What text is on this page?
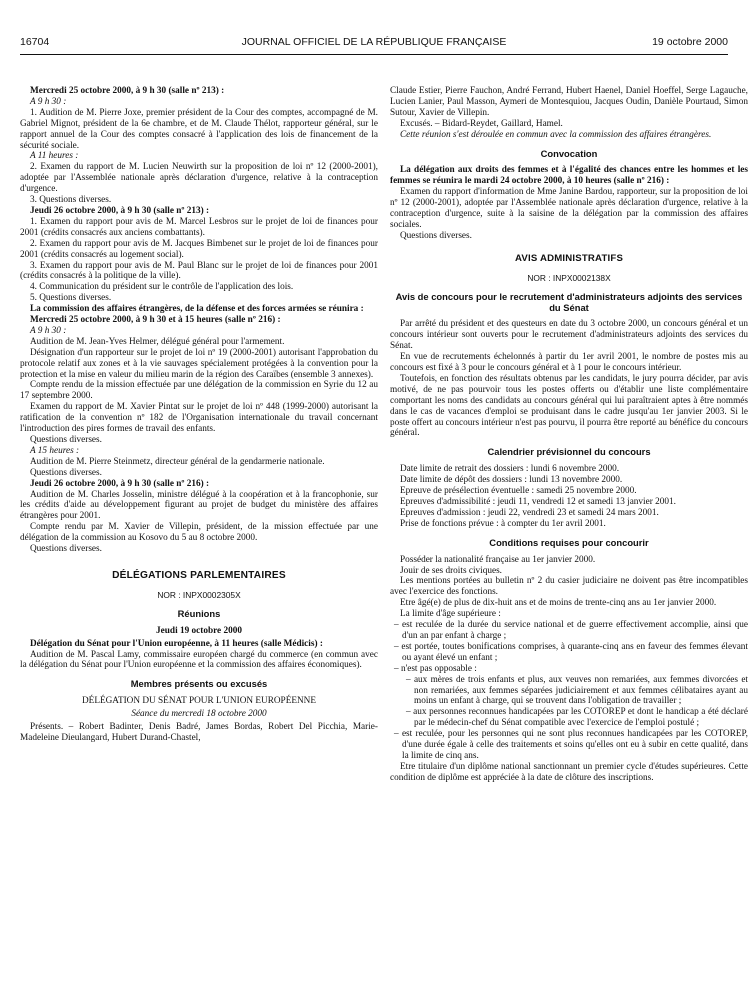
16704	JOURNAL OFFICIEL DE LA RÉPUBLIQUE FRANÇAISE	19 octobre 2000

Mercredi 25 octobre 2000, à 9 h 30 (salle nº 213) :

A 9 h 30 :

1. Audition de M. Pierre Joxe, premier président de la Cour des comptes, accompagné de M. Gabriel Mignot, président de la 6e chambre, et de M. Claude Thélot, rapporteur général, sur le rapport annuel de la Cour des comptes consacré à l'application des lois de financement de la sécurité sociale.

A 11 heures :

2. Examen du rapport de M. Lucien Neuwirth sur la proposition de loi nº 12 (2000-2001), adoptée par l'Assemblée nationale après déclaration d'urgence, relative à la contraception d'urgence.

3. Questions diverses.

Jeudi 26 octobre 2000, à 9 h 30 (salle nº 213) :

1. Examen du rapport pour avis de M. Marcel Lesbros sur le projet de loi de finances pour 2001 (crédits consacrés aux anciens combattants).

2. Examen du rapport pour avis de M. Jacques Bimbenet sur le projet de loi de finances pour 2001 (crédits consacrés au logement social).

3. Examen du rapport pour avis de M. Paul Blanc sur le projet de loi de finances pour 2001 (crédits consacrés à la politique de la ville).

4. Communication du président sur le contrôle de l'application des lois.

5. Questions diverses.

La commission des affaires étrangères, de la défense et des forces armées se réunira :

Mercredi 25 octobre 2000, à 9 h 30 et à 15 heures (salle nº 216) :

A 9 h 30 :

Audition de M. Jean-Yves Helmer, délégué général pour l'armement.

Désignation d'un rapporteur sur le projet de loi nº 19 (2000-2001) autorisant l'approbation du protocole relatif aux zones et à la vie sauvages spécialement protégées à la convention pour la protection et la mise en valeur du milieu marin de la région des Caraïbes (ensemble 3 annexes).

Compte rendu de la mission effectuée par une délégation de la commission en Syrie du 12 au 17 septembre 2000.

Examen du rapport de M. Xavier Pintat sur le projet de loi nº 448 (1999-2000) autorisant la ratification de la convention nº 182 de l'Organisation internationale du travail concernant l'introduction des pires formes de travail des enfants.

Questions diverses.

A 15 heures :

Audition de M. Pierre Steinmetz, directeur général de la gendarmerie nationale.

Questions diverses.

Jeudi 26 octobre 2000, à 9 h 30 (salle nº 216) :

Audition de M. Charles Josselin, ministre délégué à la coopération et à la francophonie, sur les crédits d'aide au développement figurant au projet de budget du ministère des affaires étrangères pour 2001.

Compte rendu par M. Xavier de Villepin, président, de la mission effectuée par une délégation de la commission au Kosovo du 5 au 8 octobre 2000.

Questions diverses.

DÉLÉGATIONS PARLEMENTAIRES
NOR : INPX0002305X
Réunions

Jeudi 19 octobre 2000

Délégation du Sénat pour l'Union européenne, à 11 heures (salle Médicis) :

Audition de M. Pascal Lamy, commissaire européen chargé du commerce (en commun avec la délégation du Sénat pour l'Union européenne et la commission des affaires économiques).

Membres présents ou excusés

DÉLÉGATION DU SÉNAT POUR L'UNION EUROPÉENNE

Séance du mercredi 18 octobre 2000

Présents. – Robert Badinter, Denis Badré, James Bordas, Robert Del Picchia, Marie-Madeleine Dieulangard, Hubert Durand-Chastel,

Claude Estier, Pierre Fauchon, André Ferrand, Hubert Haenel, Daniel Hoeffel, Serge Lagauche, Lucien Lanier, Paul Masson, Aymeri de Montesquiou, Jacques Oudin, Danièle Pourtaud, Simon Sutour, Xavier de Villepin.

Excusés. – Bidard-Reydet, Gaillard, Hamel.

Cette réunion s'est déroulée en commun avec la commission des affaires étrangères.

Convocation

La délégation aux droits des femmes et à l'égalité des chances entre les hommes et les femmes se réunira le mardi 24 octobre 2000, à 10 heures (salle nº 216) :

Examen du rapport d'information de Mme Janine Bardou, rapporteur, sur la proposition de loi nº 12 (2000-2001), adoptée par l'Assemblée nationale après déclaration d'urgence, relative à la contraception d'urgence, suite à la saisine de la délégation par la commission des affaires sociales.

Questions diverses.

AVIS ADMINISTRATIFS
NOR : INPX0002138X
Avis de concours pour le recrutement d'administrateurs adjoints des services du Sénat

Par arrêté du président et des questeurs en date du 3 octobre 2000, un concours général et un concours intérieur sont ouverts pour le recrutement d'administrateurs adjoints des services du Sénat.

En vue de recrutements échelonnés à partir du 1er avril 2001, le nombre de postes mis au concours est fixé à 3 pour le concours général et à 1 pour le concours intérieur.

Toutefois, en fonction des résultats obtenus par les candidats, le jury pourra décider, par avis motivé, de ne pas pourvoir tous les postes offerts ou d'établir une liste complémentaire comportant les noms des candidats au concours général qui lui paraîtraient aptes à être nommés dans le cas de vacances d'emploi se produisant dans le cadre jusqu'au 1er janvier 2003. Si le poste offert au concours intérieur n'est pas pourvu, il pourra être reporté au bénéfice du concours général.

Calendrier prévisionnel du concours

Date limite de retrait des dossiers : lundi 6 novembre 2000.

Date limite de dépôt des dossiers : lundi 13 novembre 2000.

Epreuve de présélection éventuelle : samedi 25 novembre 2000.

Epreuves d'admissibilité : jeudi 11, vendredi 12 et samedi 13 janvier 2001.

Epreuves d'admission : jeudi 22, vendredi 23 et samedi 24 mars 2001.

Prise de fonctions prévue : à compter du 1er avril 2001.

Conditions requises pour concourir

Posséder la nationalité française au 1er janvier 2000.

Jouir de ses droits civiques.

Les mentions portées au bulletin nº 2 du casier judiciaire ne doivent pas être incompatibles avec l'exercice des fonctions.

Etre âgé(e) de plus de dix-huit ans et de moins de trente-cinq ans au 1er janvier 2000.

La limite d'âge supérieure :

– est reculée de la durée du service national et de guerre effectivement accomplie, ainsi que d'un an par enfant à charge ;
– est portée, toutes bonifications comprises, à quarante-cinq ans en faveur des femmes élevant ou ayant élevé un enfant ;
– n'est pas opposable :
– aux mères de trois enfants et plus, aux veuves non remariées, aux femmes divorcées et non remariées, aux femmes séparées judiciairement et aux femmes célibataires ayant au moins un enfant à charge, qui se trouvent dans l'obligation de travailler ;
– aux personnes reconnues handicapées par les COTOREP et dont le handicap a été déclaré par le médecin-chef du Sénat compatible avec l'exercice de l'emploi postulé ;
– est reculée, pour les personnes qui ne sont plus reconnues handicapées par les COTOREP, d'une durée égale à celle des traitements et soins qu'elles ont eu à subir en cette qualité, dans la limite de cinq ans.

Etre titulaire d'un diplôme national sanctionnant un premier cycle d'études supérieures. Cette condition de diplôme est appréciée à la date de clôture des inscriptions.
